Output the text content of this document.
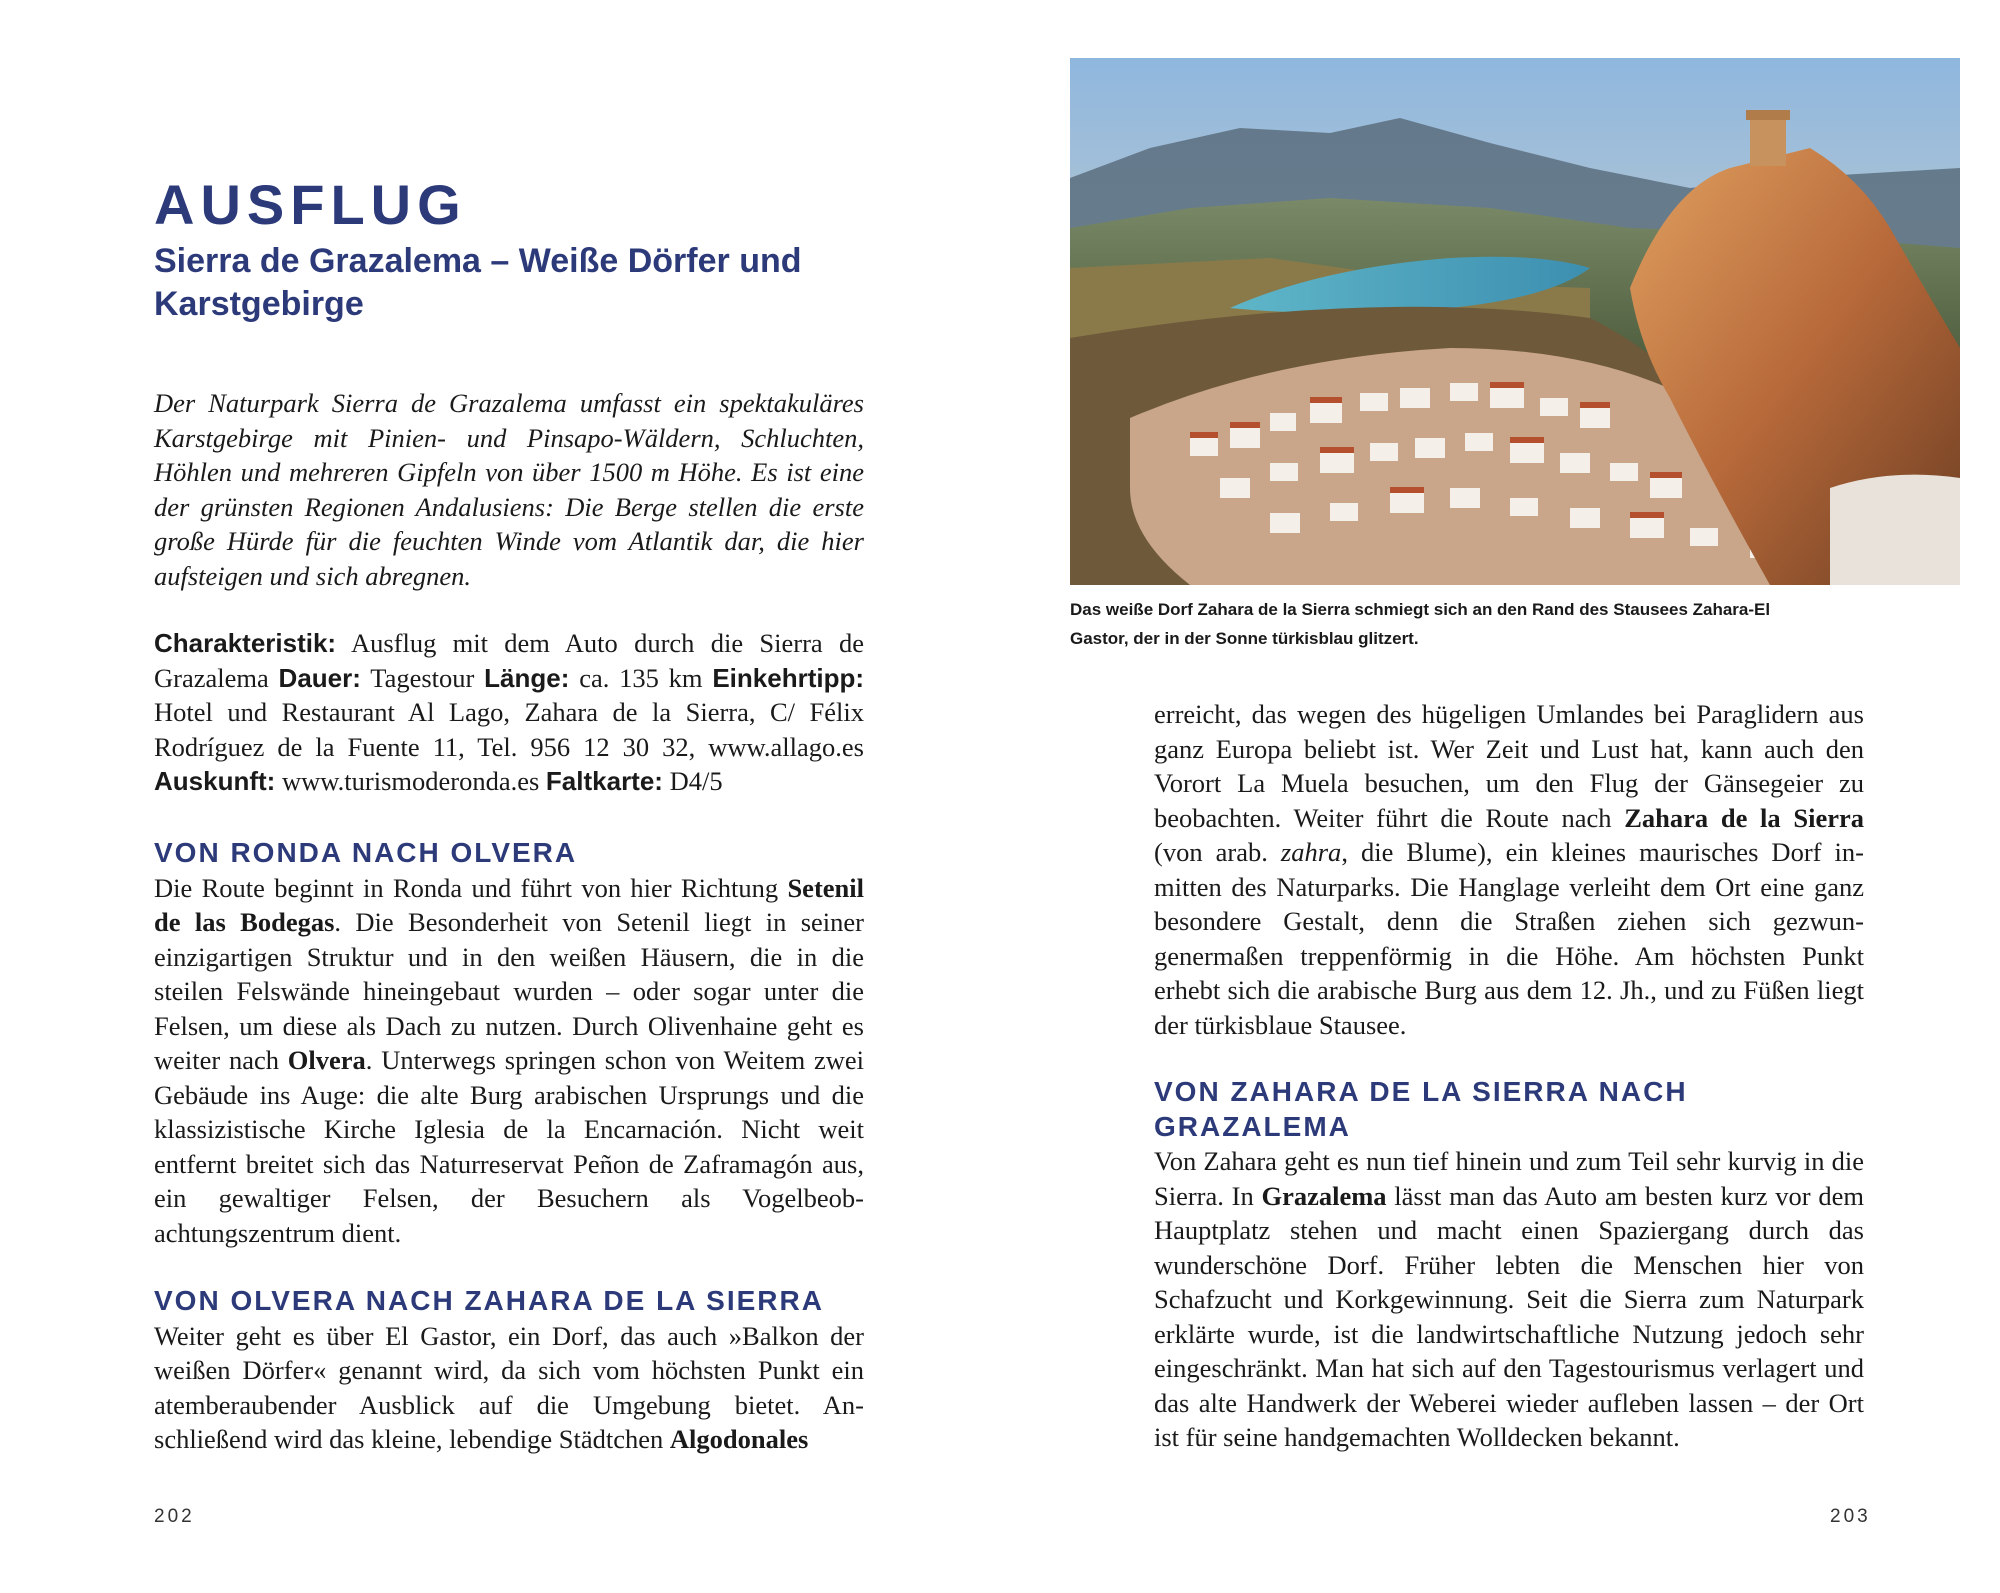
AUSFLUG
Sierra de Grazalema – Weiße Dörfer und Karstgebirge

Der Naturpark Sierra de Grazalema umfasst ein spektakuläres Karstgebirge mit Pinien- und Pinsapo-Wäldern, Schluchten, Höhlen und mehreren Gipfeln von über 1500 m Höhe. Es ist eine der grünsten Regionen Andalusiens: Die Berge stellen die erste große Hürde für die feuchten Winde vom Atlantik dar, die hier aufsteigen und sich abregnen.

Charakteristik: Ausflug mit dem Auto durch die Sierra de Grazalema Dauer: Tagestour Länge: ca. 135 km Einkehrtipp: Hotel und Restaurant Al Lago, Zahara de la Sierra, C/ Félix Rodríguez de la Fuente 11, Tel. 956 12 30 32, www.allago.es Auskunft: www.turismoderonda.es Faltkarte: D4/5

VON RONDA NACH OLVERA

Die Route beginnt in Ronda und führt von hier Richtung Setenil de las Bodegas. Die Besonderheit von Setenil liegt in seiner einzigartigen Struktur und in den weißen Häusern, die in die steilen Felswände hineingebaut wurden – oder sogar unter die Felsen, um diese als Dach zu nutzen. Durch Olivenhaine geht es weiter nach Olvera. Unterwegs springen schon von Weitem zwei Gebäude ins Auge: die alte Burg arabischen Ursprungs und die klassizistische Kirche Iglesia de la Encarnación. Nicht weit entfernt breitet sich das Naturreservat Peñon de Zaframagón aus, ein gewaltiger Felsen, der Besuchern als Vogelbeobachtungszentrum dient.

VON OLVERA NACH ZAHARA DE LA SIERRA

Weiter geht es über El Gastor, ein Dorf, das auch »Balkon der weißen Dörfer« genannt wird, da sich vom höchsten Punkt ein atemberaubender Ausblick auf die Umgebung bietet. Anschließend wird das kleine, lebendige Städtchen Algodonales

202

Das weiße Dorf Zahara de la Sierra schmiegt sich an den Rand des Stausees Zahara-El Gastor, der in der Sonne türkisblau glitzert.

erreicht, das wegen des hügeligen Umlandes bei Paraglidern aus ganz Europa beliebt ist. Wer Zeit und Lust hat, kann auch den Vorort La Muela besuchen, um den Flug der Gänsegeier zu beobachten. Weiter führt die Route nach Zahara de la Sierra (von arab. zahra, die Blume), ein kleines maurisches Dorf inmitten des Naturparks. Die Hanglage verleiht dem Ort eine ganz besondere Gestalt, denn die Straßen ziehen sich gezwungenermaßen treppenförmig in die Höhe. Am höchsten Punkt erhebt sich die arabische Burg aus dem 12. Jh., und zu Füßen liegt der türkisblaue Stausee.

VON ZAHARA DE LA SIERRA NACH GRAZALEMA

Von Zahara geht es nun tief hinein und zum Teil sehr kurvig in die Sierra. In Grazalema lässt man das Auto am besten kurz vor dem Hauptplatz stehen und macht einen Spaziergang durch das wunderschöne Dorf. Früher lebten die Menschen hier von Schafzucht und Korkgewinnung. Seit die Sierra zum Naturpark erklärte wurde, ist die landwirtschaftliche Nutzung jedoch sehr eingeschränkt. Man hat sich auf den Tagestourismus verlagert und das alte Handwerk der Weberei wieder aufleben lassen – der Ort ist für seine handgemachten Wolldecken bekannt.

203
